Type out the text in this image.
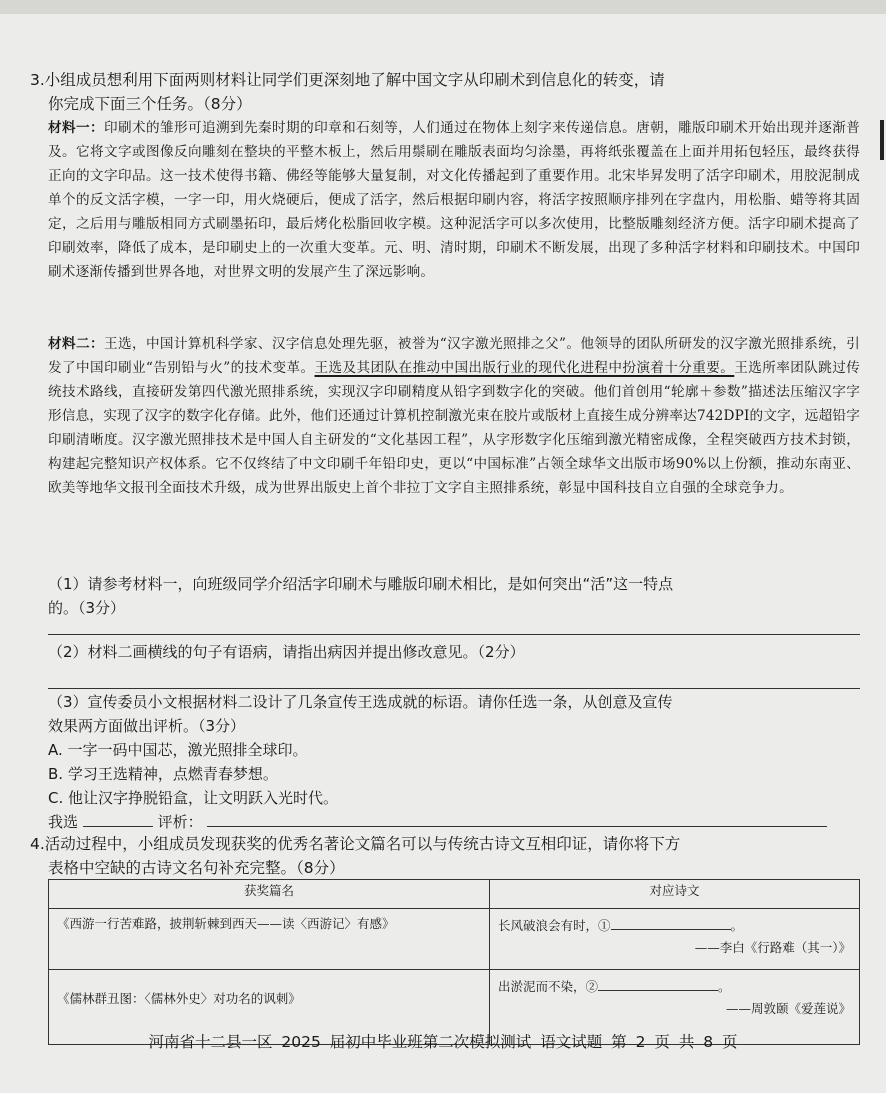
3.小组成员想利用下面两则材料让同学们更深刻地了解中国文字从印刷术到信息化的转变，请
你完成下面三个任务。（8分）
材料一：印刷术的雏形可追溯到先秦时期的印章和石刻等，人们通过在物体上刻字来传递信息。唐朝，雕版印刷术开始出现并逐渐普及。它将文字或图像反向雕刻在整块的平整木板上，然后用鬃刷在雕版表面均匀涂墨，再将纸张覆盖在上面并用拓包轻压，最终获得正向的文字印品。这一技术使得书籍、佛经等能够大量复制，对文化传播起到了重要作用。北宋毕昇发明了活字印刷术，用胶泥制成单个的反文活字模，一字一印，用火烧硬后，便成了活字，然后根据印刷内容，将活字按照顺序排列在字盘内，用松脂、蜡等将其固定，之后用与雕版相同方式刷墨拓印，最后烤化松脂回收字模。这种泥活字可以多次使用，比整版雕刻经济方便。活字印刷术提高了印刷效率，降低了成本，是印刷史上的一次重大变革。元、明、清时期，印刷术不断发展，出现了多种活字材料和印刷技术。中国印刷术逐渐传播到世界各地，对世界文明的发展产生了深远影响。
材料二：王选，中国计算机科学家、汉字信息处理先驱，被誉为“汉字激光照排之父”。他领导的团队所研发的汉字激光照排系统，引发了中国印刷业“告别铅与火”的技术变革。王选及其团队在推动中国出版行业的现代化进程中扮演着十分重要。王选所率团队跳过传统技术路线，直接研发第四代激光照排系统，实现汉字印刷精度从铅字到数字化的突破。他们首创用“轮廓＋参数”描述法压缩汉字字形信息，实现了汉字的数字化存储。此外，他们还通过计算机控制激光束在胶片或版材上直接生成分辨率达742DPI的文字，远超铅字印刷清晰度。汉字激光照排技术是中国人自主研发的“文化基因工程”，从字形数字化压缩到激光精密成像，全程突破西方技术封锁，构建起完整知识产权体系。它不仅终结了中文印刷千年铅印史，更以“中国标准”占领全球华文出版市场90%以上份额，推动东南亚、欧美等地华文报刊全面技术升级，成为世界出版史上首个非拉丁文字自主照排系统，彰显中国科技自立自强的全球竞争力。
（1）请参考材料一，向班级同学介绍活字印刷术与雕版印刷术相比，是如何突出“活”这一特点
的。（3分）
（2）材料二画横线的句子有语病，请指出病因并提出修改意见。（2分）
（3）宣传委员小文根据材料二设计了几条宣传王选成就的标语。请你任选一条，从创意及宣传
效果两方面做出评析。（3分）
A. 一字一码中国芯，激光照排全球印。
B. 学习王选精神，点燃青春梦想。
C. 他让汉字挣脱铅盒，让文明跃入光时代。
我选	评析：
4.活动过程中，小组成员发现获奖的优秀名著论文篇名可以与传统古诗文互相印证，请你将下方
表格中空缺的古诗文名句补充完整。（8分）
获奖篇名	对应诗文
《西游一行苦难路，披荆斩棘到西天——读〈西游记〉有感》	长风破浪会有时，① 。
——李白《行路难（其一）》

《儒林群丑图：〈儒林外史〉对功名的讽刺》	出淤泥而不染，② 。
——周敦颐《爱莲说》
河南省十二县一区 2025 届初中毕业班第二次模拟测试 语文试题 第 2 页 共 8 页
